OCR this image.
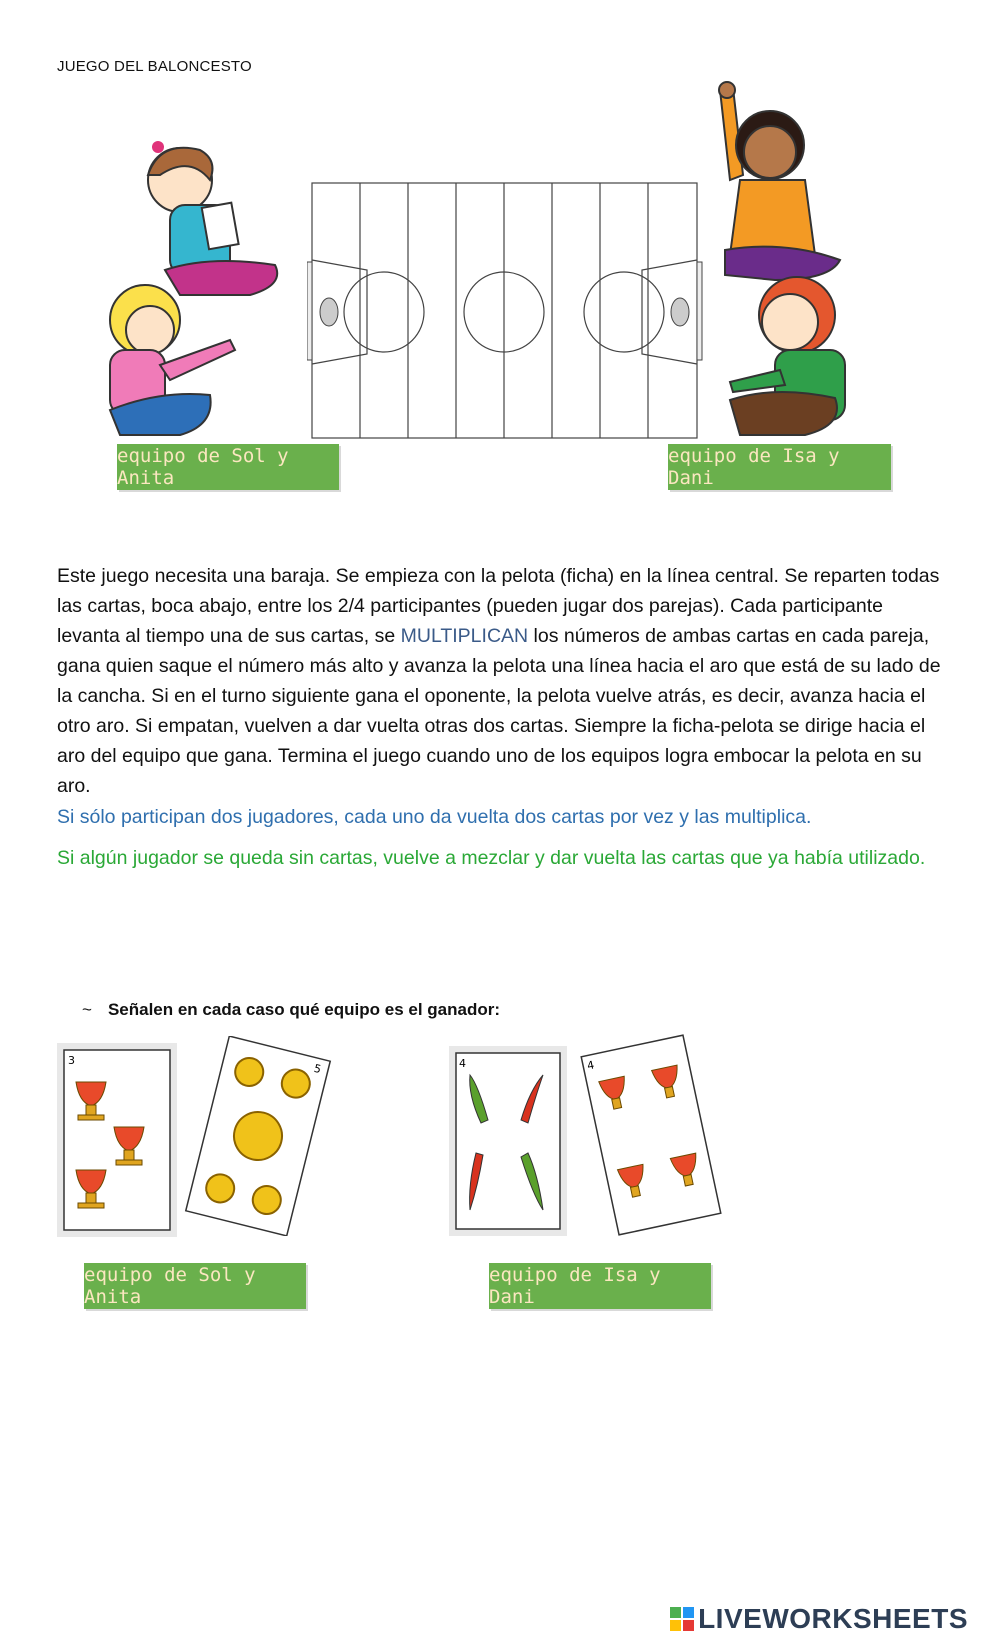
JUEGO DEL BALONCESTO
equipo de Sol y Anita
equipo de Isa y Dani
Este juego necesita una baraja. Se empieza con la pelota (ficha) en la línea central. Se reparten todas las cartas, boca abajo, entre los 2/4 participantes (pueden jugar dos parejas). Cada participante levanta al tiempo una de sus cartas, se MULTIPLICAN los números de ambas cartas en cada pareja, gana quien saque el número más alto y avanza la pelota una línea hacia el aro que está de su lado de la cancha. Si en el turno siguiente gana el oponente, la pelota vuelve atrás, es decir, avanza hacia el otro aro. Si empatan, vuelven a dar vuelta otras dos cartas. Siempre la ficha-pelota se dirige hacia el aro del equipo que gana. Termina el juego cuando uno de los equipos logra embocar la pelota en su aro.
Si sólo participan dos jugadores, cada uno da vuelta dos cartas por vez y las multiplica.
Si algún jugador se queda sin cartas, vuelve a mezclar y dar vuelta las cartas que ya había utilizado.
~ Señalen en cada caso qué equipo es el ganador:
3
5	4	4
equipo de Sol y Anita
equipo de Isa y Dani
LIVEWORKSHEETS
